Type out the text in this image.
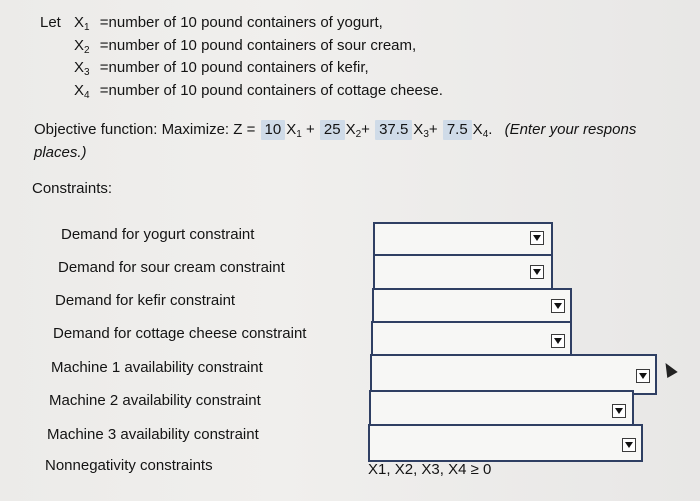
Let $X_1$ =number of 10 pound containers of yogurt,
$X_2$ =number of 10 pound containers of sour cream,
$X_3$ =number of 10 pound containers of kefir,
$X_4$ =number of 10 pound containers of cottage cheese.
Objective function: Maximize: Z = 10 $X_1 + 25$ $X_2+ 37.5$ $X_3+ 7.5$ $X_4$. (Enter your respons
places.)
Constraints:
Demand for yogurt constraint
Demand for sour cream constraint
Demand for kefir constraint
Demand for cottage cheese constraint
Machine 1 availability constraint
Machine 2 availability constraint
Machine 3 availability constraint
Nonnegativity constraints	X1, X2, X3, X4 ≥ 0
